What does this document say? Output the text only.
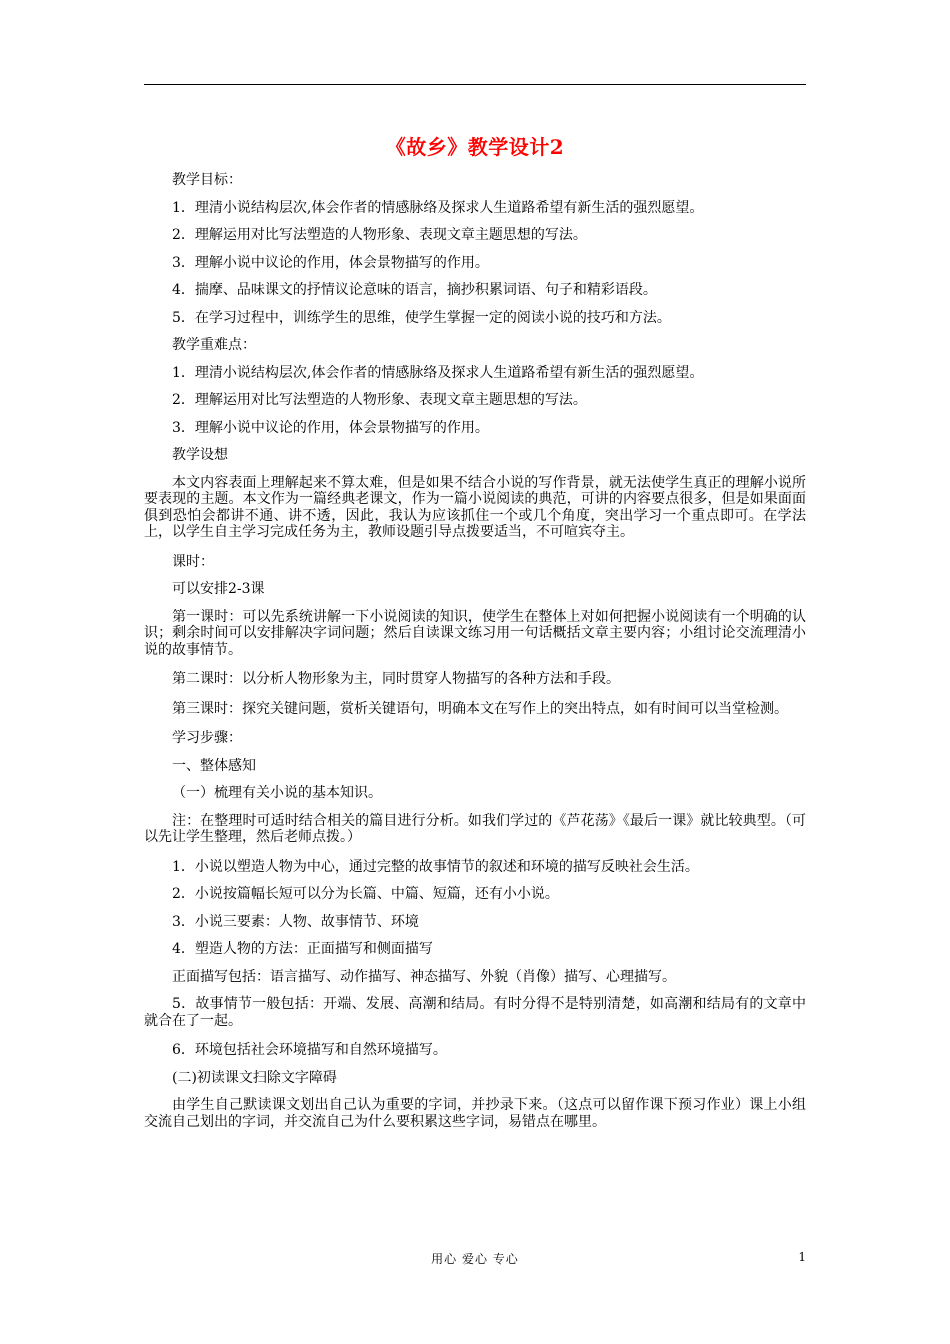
《故乡》教学设计2

教学目标：

1．理清小说结构层次,体会作者的情感脉络及探求人生道路希望有新生活的强烈愿望。

2．理解运用对比写法塑造的人物形象、表现文章主题思想的写法。

3．理解小说中议论的作用，体会景物描写的作用。

4．揣摩、品味课文的抒情议论意味的语言，摘抄积累词语、句子和精彩语段。

5．在学习过程中，训练学生的思维，使学生掌握一定的阅读小说的技巧和方法。

教学重难点：

1．理清小说结构层次,体会作者的情感脉络及探求人生道路希望有新生活的强烈愿望。

2．理解运用对比写法塑造的人物形象、表现文章主题思想的写法。

3．理解小说中议论的作用，体会景物描写的作用。

教学设想

本文内容表面上理解起来不算太难，但是如果不结合小说的写作背景，就无法使学生真正的理解小说所要表现的主题。本文作为一篇经典老课文，作为一篇小说阅读的典范，可讲的内容要点很多，但是如果面面俱到恐怕会都讲不通、讲不透，因此，我认为应该抓住一个或几个角度，突出学习一个重点即可。在学法上，以学生自主学习完成任务为主，教师设题引导点拨要适当，不可喧宾夺主。

课时：

可以安排2-3课

第一课时：可以先系统讲解一下小说阅读的知识，使学生在整体上对如何把握小说阅读有一个明确的认识；剩余时间可以安排解决字词问题；然后自读课文练习用一句话概括文章主要内容；小组讨论交流理清小说的故事情节。

第二课时：以分析人物形象为主，同时贯穿人物描写的各种方法和手段。

第三课时：探究关键问题，赏析关键语句，明确本文在写作上的突出特点，如有时间可以当堂检测。

学习步骤：

一、整体感知

（一）梳理有关小说的基本知识。

注：在整理时可适时结合相关的篇目进行分析。如我们学过的《芦花荡》《最后一课》就比较典型。（可以先让学生整理，然后老师点拨。）

1．小说以塑造人物为中心，通过完整的故事情节的叙述和环境的描写反映社会生活。

2．小说按篇幅长短可以分为长篇、中篇、短篇，还有小小说。

3．小说三要素：人物、故事情节、环境

4．塑造人物的方法：正面描写和侧面描写

正面描写包括：语言描写、动作描写、神态描写、外貌（肖像）描写、心理描写。

5．故事情节一般包括：开端、发展、高潮和结局。有时分得不是特别清楚，如高潮和结局有的文章中就合在了一起。

6．环境包括社会环境描写和自然环境描写。

(二)初读课文扫除文字障碍

由学生自己默读课文划出自己认为重要的字词，并抄录下来。（这点可以留作课下预习作业）课上小组交流自己划出的字词，并交流自己为什么要积累这些字词，易错点在哪里。

用心 爱心 专心	1
